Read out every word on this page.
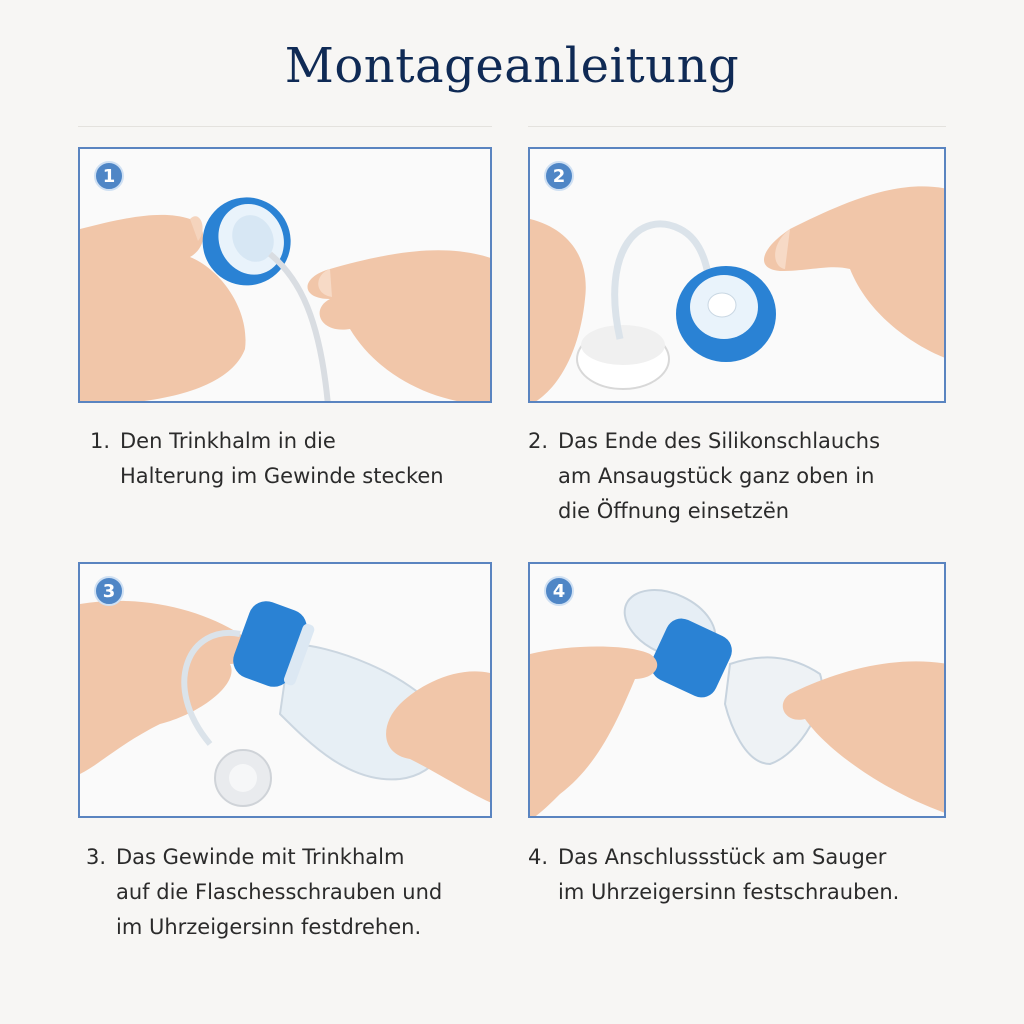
Montageanleitung
1
1. Den Trinkhalm in die
Halterung im Gewinde stecken
2
2. Das Ende des Silikonschlauchs
am Ansaugstück ganz oben in
die Öffnung einsetzën
3
3. Das Gewinde mit Trinkhalm
auf die Flaschesschrauben und
im Uhrzeigersinn festdrehen.
4
4. Das Anschlussstück am Sauger
im Uhrzeigersinn festschrauben.
